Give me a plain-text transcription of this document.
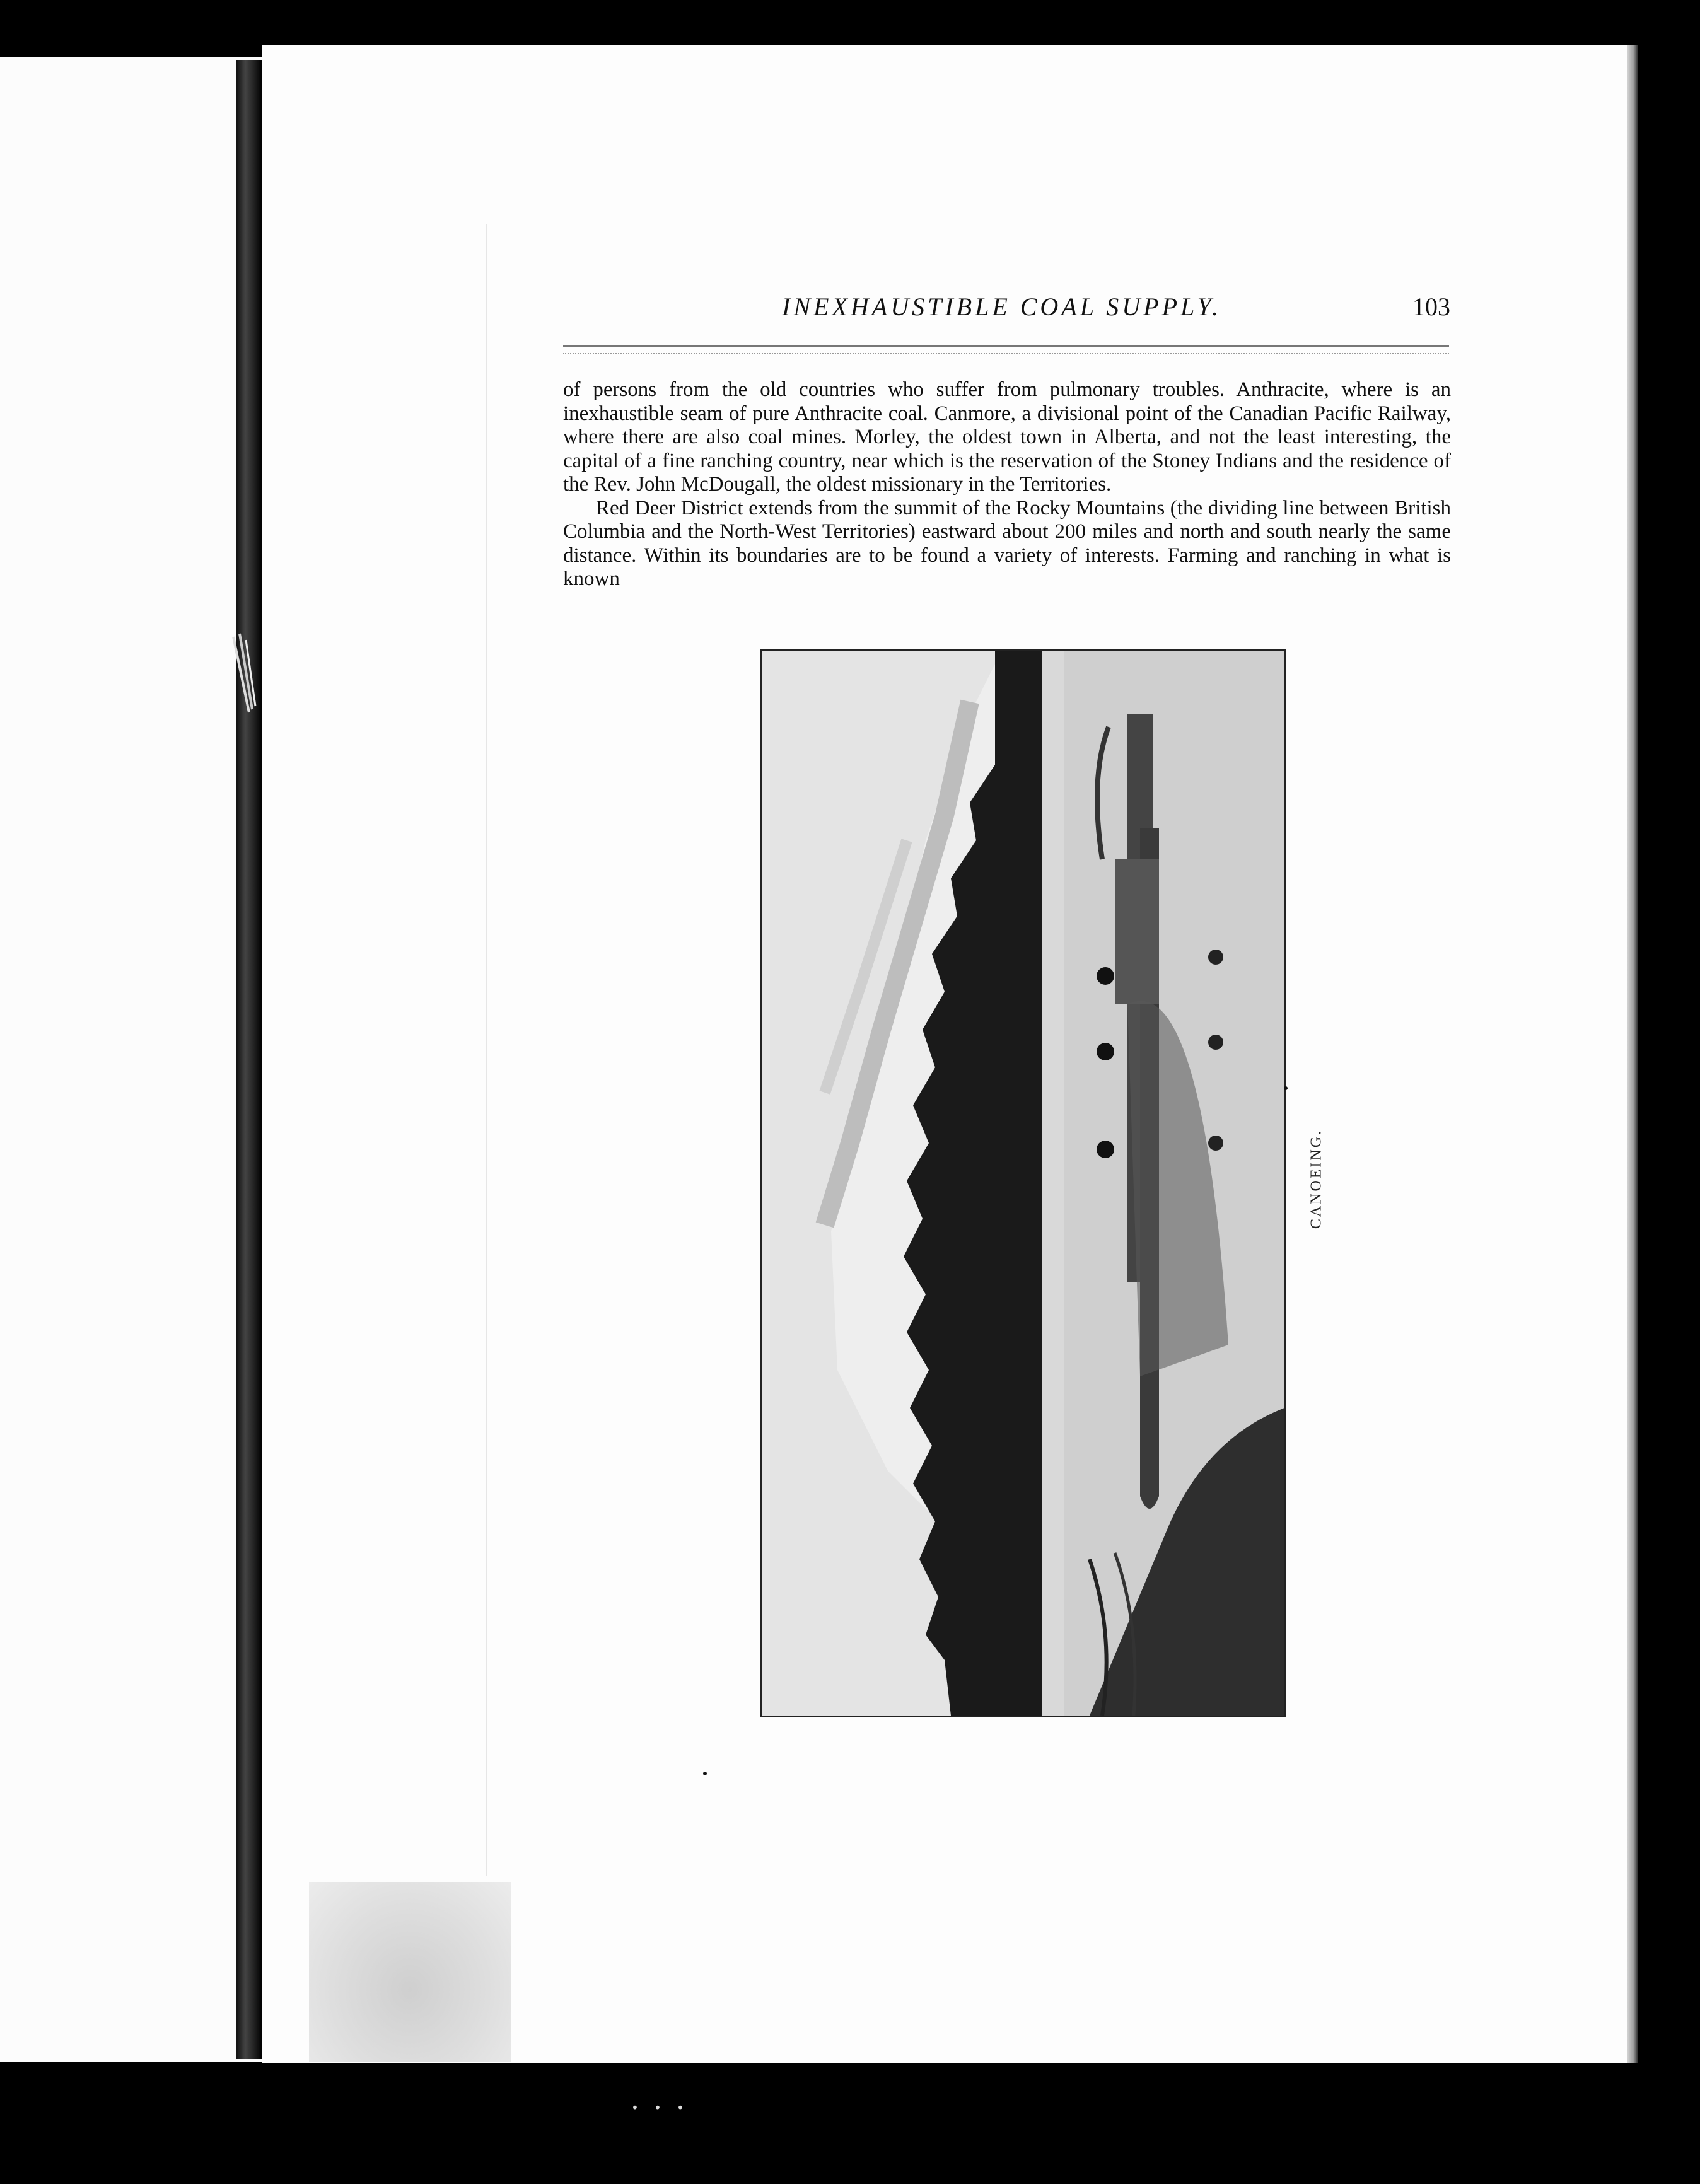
· · ·
INEXHAUSTIBLE COAL SUPPLY.	103

of persons from the old countries who suffer from pulmonary troubles. Anthracite, where is an inexhaustible seam of pure Anthracite coal. Canmore, a divisional point of the Canadian Pacific Railway, where there are also coal mines. Morley, the oldest town in Alberta, and not the least interesting, the capital of a fine ranching country, near which is the reservation of the Stoney Indians and the residence of the Rev. John McDougall, the oldest missionary in the Territories.

Red Deer District extends from the summit of the Rocky Mountains (the dividing line between British Columbia and the North-West Territories) eastward about 200 miles and north and south nearly the same distance. Within its boundaries are to be found a variety of interests. Farming and ranching in what is known

CANOEING.
